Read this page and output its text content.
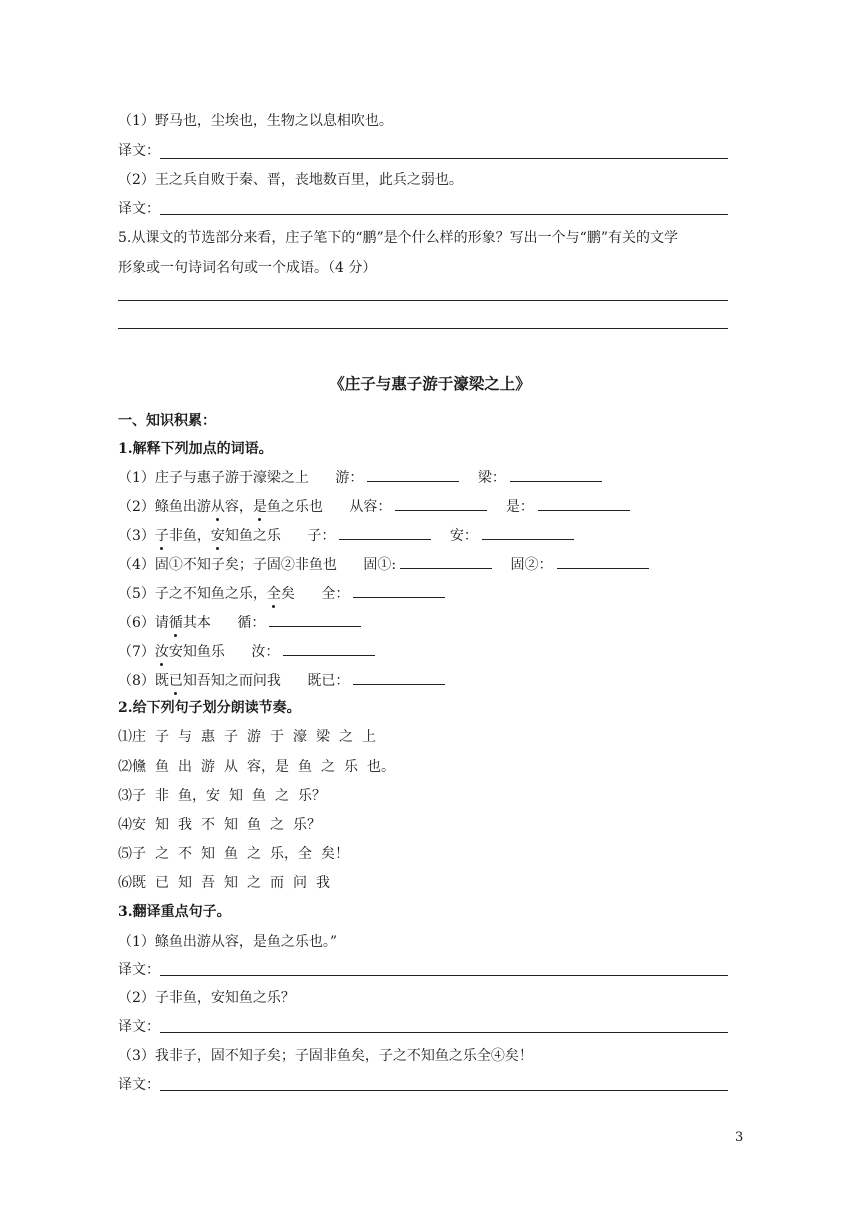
（1）野马也，尘埃也，生物之以息相吹也。
译文：
（2）王之兵自败于秦、晋，丧地数百里，此兵之弱也。
译文：
5.从课文的节选部分来看，庄子笔下的“鹏”是个什么样的形象？写出一个与“鹏”有关的文学
形象或一句诗词名句或一个成语。（4 分）
《庄子与惠子游于濠梁之上》
一、知识积累：
1.解释下列加点的词语。
（1）庄子与惠子游于濠梁之上 游：	梁：
（2）鲦鱼出游从容，是鱼之乐也 从容：	是：
（3）子非鱼，安知鱼之乐 子：	安：
（4）固①不知子矣；子固②非鱼也 固①:	固②：
（5）子之不知鱼之乐，全矣 全：
（6）请循其本 循：
（7）汝安知鱼乐 汝：
（8）既已知吾知之而问我 既已：
2.给下列句子划分朗读节奏。
⑴庄 子 与 惠 子 游 于 濠 梁 之 上
⑵儵 鱼 出 游 从 容，是 鱼 之 乐 也。
⑶子 非 鱼，安 知 鱼 之 乐？
⑷安 知 我 不 知 鱼 之 乐？
⑸子 之 不 知 鱼 之 乐，全 矣！
⑹既 已 知 吾 知 之 而 问 我
3.翻译重点句子。
（1）鲦鱼出游从容，是鱼之乐也。”
译文：
（2）子非鱼，安知鱼之乐？
译文：
（3）我非子，固不知子矣；子固非鱼矣，子之不知鱼之乐全④矣！
译文：
3
